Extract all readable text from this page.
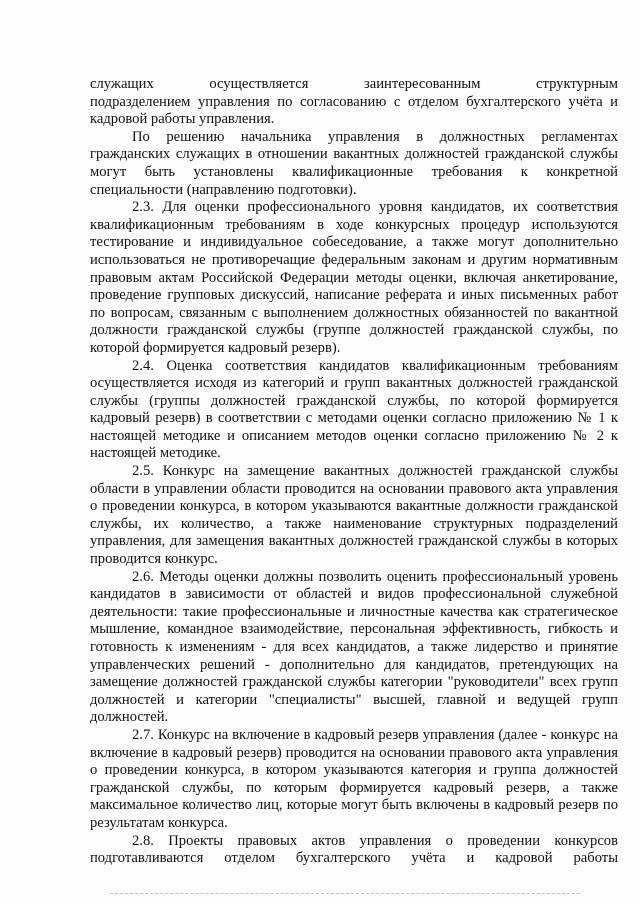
служащих осуществляется заинтересованным структурным
подразделением управления по согласованию с отделом бухгалтерского учёта и кадровой работы управления.

По решению начальника управления в должностных регламентах гражданских служащих в отношении вакантных должностей гражданской службы могут быть установлены квалификационные требования к конкретной специальности (направлению подготовки).

2.3. Для оценки профессионального уровня кандидатов, их соответствия квалификационным требованиям в ходе конкурсных процедур используются тестирование и индивидуальное собеседование, а также могут дополнительно использоваться не противоречащие федеральным законам и другим нормативным правовым актам Российской Федерации методы оценки, включая анкетирование, проведение групповых дискуссий, написание реферата и иных письменных работ по вопросам, связанным с выполнением должностных обязанностей по вакантной должности гражданской службы (группе должностей гражданской службы, по которой формируется кадровый резерв).

2.4. Оценка соответствия кандидатов квалификационным требованиям осуществляется исходя из категорий и групп вакантных должностей гражданской службы (группы должностей гражданской службы, по которой формируется кадровый резерв) в соответствии с методами оценки согласно приложению № 1 к настоящей методике и описанием методов оценки согласно приложению № 2 к настоящей методике.

2.5. Конкурс на замещение вакантных должностей гражданской службы области в управлении области проводится на основании правового акта управления о проведении конкурса, в котором указываются вакантные должности гражданской службы, их количество, а также наименование структурных подразделений управления, для замещения вакантных должностей гражданской службы в которых проводится конкурс.

2.6. Методы оценки должны позволить оценить профессиональный уровень кандидатов в зависимости от областей и видов профессиональной служебной деятельности: такие профессиональные и личностные качества как стратегическое мышление, командное взаимодействие, персональная эффективность, гибкость и готовность к изменениям - для всех кандидатов, а также лидерство и принятие управленческих решений - дополнительно для кандидатов, претендующих на замещение должностей гражданской службы категории "руководители" всех групп должностей и категории "специалисты" высшей, главной и ведущей групп должностей.

2.7. Конкурс на включение в кадровый резерв управления (далее - конкурс на включение в кадровый резерв) проводится на основании правового акта управления о проведении конкурса, в котором указываются категория и группа должностей гражданской службы, по которым формируется кадровый резерв, а также максимальное количество лиц, которые могут быть включены в кадровый резерв по результатам конкурса.

2.8. Проекты правовых актов управления о проведении конкурсов
подготавливаются отделом бухгалтерского учёта и кадровой работы
